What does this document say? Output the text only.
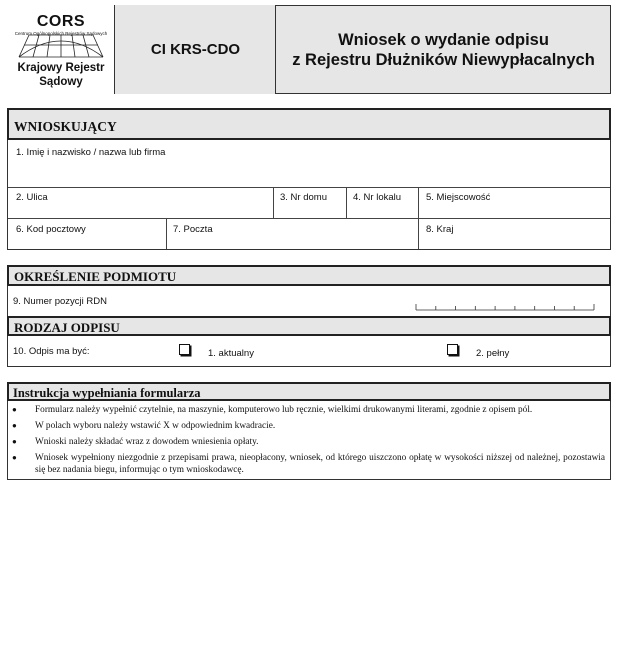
CORS
Centrum Ogólnopolskich Rejestrów Sądowych
Krajowy Rejestr
Sądowy
CI KRS-CDO
Wniosek o wydanie odpisu
z Rejestru Dłużników Niewypłacalnych
WNIOSKUJĄCY
1. Imię i nazwisko / nazwa lub firma
2. Ulica	3. Nr domu	4. Nr lokalu	5. Miejscowość
6. Kod pocztowy	7. Poczta	8. Kraj
OKREŚLENIE PODMIOTU
9. Numer pozycji RDN
RODZAJ ODPISU
10. Odpis ma być:	1. aktualny	2. pełny
Instrukcja wypełniania formularza
● Formularz należy wypełnić czytelnie, na maszynie, komputerowo lub ręcznie, wielkimi drukowanymi literami, zgodnie z opisem pól.
● W polach wyboru należy wstawić X w odpowiednim kwadracie.
● Wnioski należy składać wraz z dowodem wniesienia opłaty.
● Wniosek wypełniony niezgodnie z przepisami prawa, nieopłacony, wniosek, od którego uiszczono opłatę w wysokości niższej od należnej, pozostawia się bez nadania biegu, informując o tym wnioskodawcę.
